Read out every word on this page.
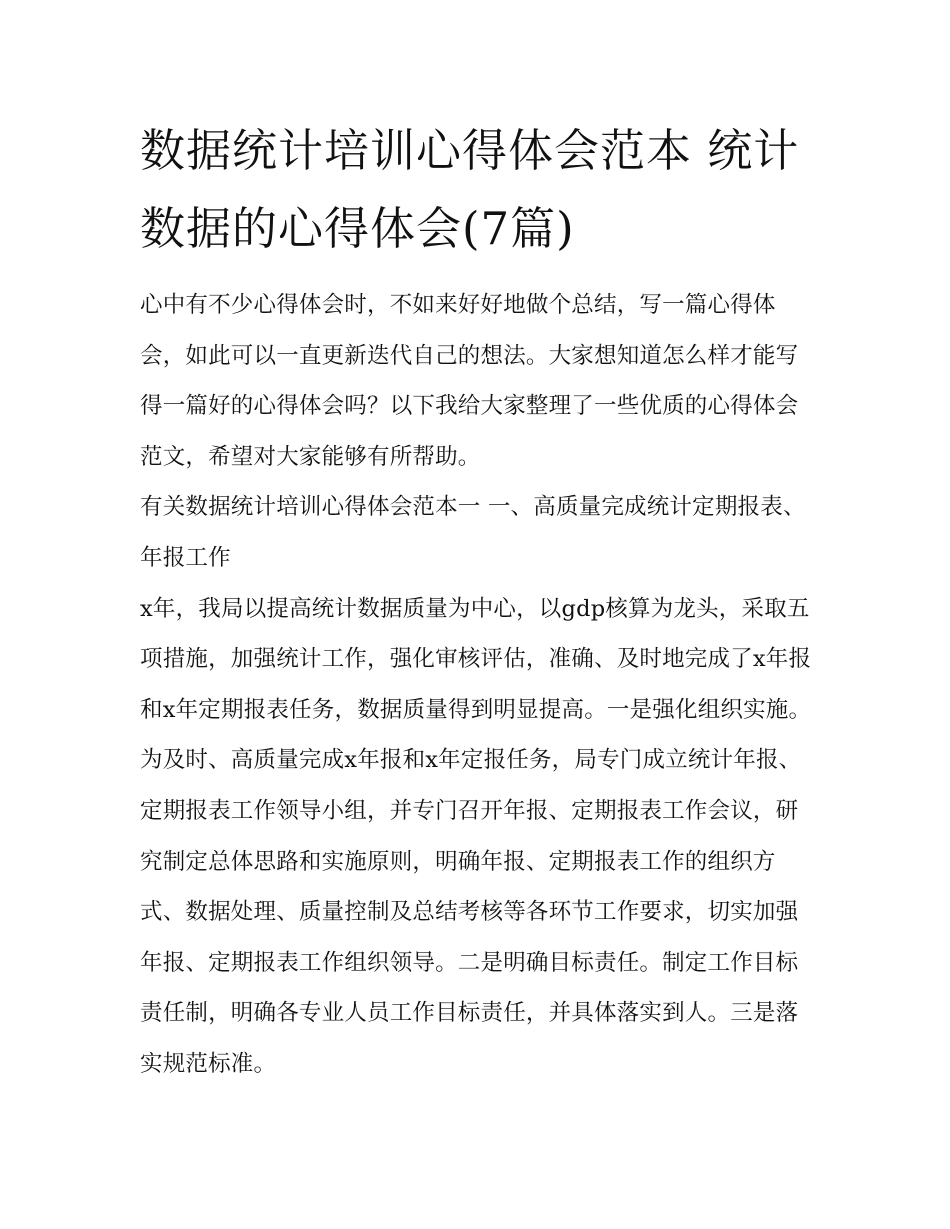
数据统计培训心得体会范本 统计数据的心得体会(7篇)

心中有不少心得体会时，不如来好好地做个总结，写一篇心得体会，如此可以一直更新迭代自己的想法。大家想知道怎么样才能写得一篇好的心得体会吗？以下我给大家整理了一些优质的心得体会范文，希望对大家能够有所帮助。

有关数据统计培训心得体会范本一 一、高质量完成统计定期报表、年报工作

x年，我局以提高统计数据质量为中心，以gdp核算为龙头，采取五项措施，加强统计工作，强化审核评估，准确、及时地完成了x年报和x年定期报表任务，数据质量得到明显提高。一是强化组织实施。为及时、高质量完成x年报和x年定报任务，局专门成立统计年报、定期报表工作领导小组，并专门召开年报、定期报表工作会议，研究制定总体思路和实施原则，明确年报、定期报表工作的组织方式、数据处理、质量控制及总结考核等各环节工作要求，切实加强年报、定期报表工作组织领导。二是明确目标责任。制定工作目标责任制，明确各专业人员工作目标责任，并具体落实到人。三是落实规范标准。
